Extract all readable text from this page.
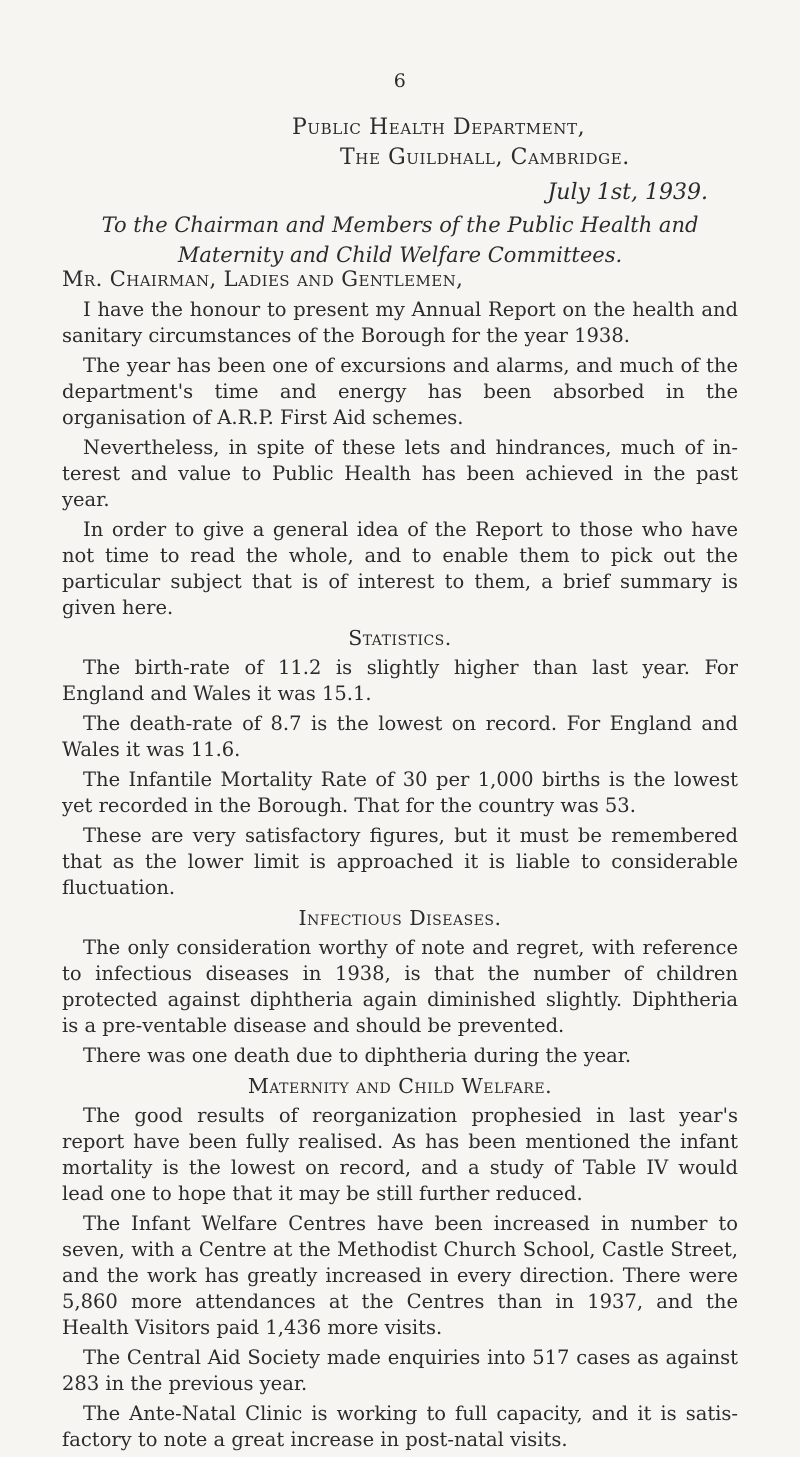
6
Public Health Department,
The Guildhall, Cambridge.
July 1st, 1939.
To the Chairman and Members of the Public Health and Maternity and Child Welfare Committees.
Mr. Chairman, Ladies and Gentlemen,

I have the honour to present my Annual Report on the health and sanitary circumstances of the Borough for the year 1938.

The year has been one of excursions and alarms, and much of the department's time and energy has been absorbed in the organisation of A.R.P. First Aid schemes.

Nevertheless, in spite of these lets and hindrances, much of in-terest and value to Public Health has been achieved in the past year.

In order to give a general idea of the Report to those who have not time to read the whole, and to enable them to pick out the particular subject that is of interest to them, a brief summary is given here.

Statistics.

The birth-rate of 11.2 is slightly higher than last year. For England and Wales it was 15.1.

The death-rate of 8.7 is the lowest on record. For England and Wales it was 11.6.

The Infantile Mortality Rate of 30 per 1,000 births is the lowest yet recorded in the Borough. That for the country was 53.

These are very satisfactory figures, but it must be remembered that as the lower limit is approached it is liable to considerable fluctuation.

Infectious Diseases.

The only consideration worthy of note and regret, with reference to infectious diseases in 1938, is that the number of children protected against diphtheria again diminished slightly. Diphtheria is a pre-ventable disease and should be prevented.

There was one death due to diphtheria during the year.

Maternity and Child Welfare.

The good results of reorganization prophesied in last year's report have been fully realised. As has been mentioned the infant mortality is the lowest on record, and a study of Table IV would lead one to hope that it may be still further reduced.

The Infant Welfare Centres have been increased in number to seven, with a Centre at the Methodist Church School, Castle Street, and the work has greatly increased in every direction. There were 5,860 more attendances at the Centres than in 1937, and the Health Visitors paid 1,436 more visits.

The Central Aid Society made enquiries into 517 cases as against 283 in the previous year.

The Ante-Natal Clinic is working to full capacity, and it is satis-factory to note a great increase in post-natal visits.
